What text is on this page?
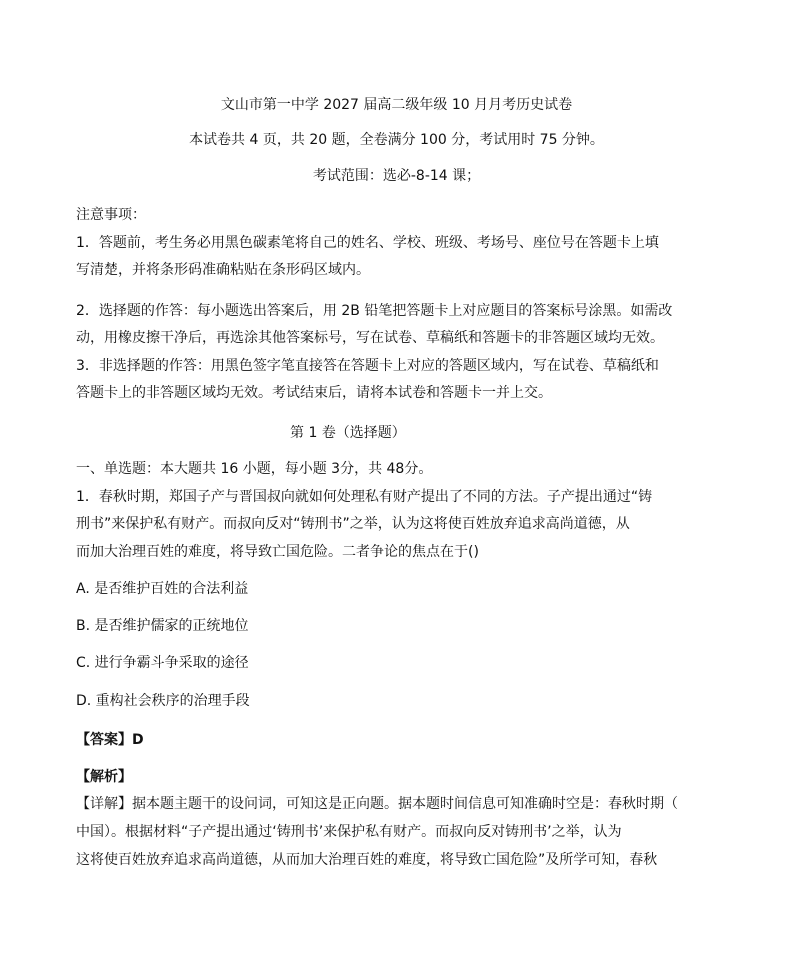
文山市第一中学 2027 届高二级年级 10 月月考历史试卷
本试卷共 4 页，共 20 题，全卷满分 100 分，考试用时 75 分钟。
考试范围：选必-8-14 课；
注意事项：
1．答题前，考生务必用黑色碳素笔将自己的姓名、学校、班级、考场号、座位号在答题卡上填
写清楚，并将条形码准确粘贴在条形码区域内。
2．选择题的作答：每小题选出答案后，用 2B 铅笔把答题卡上对应题目的答案标号涂黑。如需改
动，用橡皮擦干净后，再选涂其他答案标号，写在试卷、草稿纸和答题卡的非答题区域均无效。
3．非选择题的作答：用黑色签字笔直接答在答题卡上对应的答题区域内，写在试卷、草稿纸和
答题卡上的非答题区域均无效。考试结束后，请将本试卷和答题卡一并上交。
第 1 卷（选择题）
一、单选题：本大题共 16 小题，每小题 3分，共 48分。
1．春秋时期，郑国子产与晋国叔向就如何处理私有财产提出了不同的方法。子产提出通过“铸
刑书”来保护私有财产。而叔向反对“铸刑书”之举，认为这将使百姓放弃追求高尚道德，从
而加大治理百姓的难度，将导致亡国危险。二者争论的焦点在于()
A. 是否维护百姓的合法利益
B. 是否维护儒家的正统地位
C. 进行争霸斗争采取的途径
D. 重构社会秩序的治理手段
【答案】D
【解析】
【详解】据本题主题干的设问词，可知这是正向题。据本题时间信息可知准确时空是：春秋时期（
中国）。根据材料“子产提出通过‘铸刑书’来保护私有财产。而叔向反对铸刑书’之举，认为
这将使百姓放弃追求高尚道德，从而加大治理百姓的难度，将导致亡国危险”及所学可知，春秋
